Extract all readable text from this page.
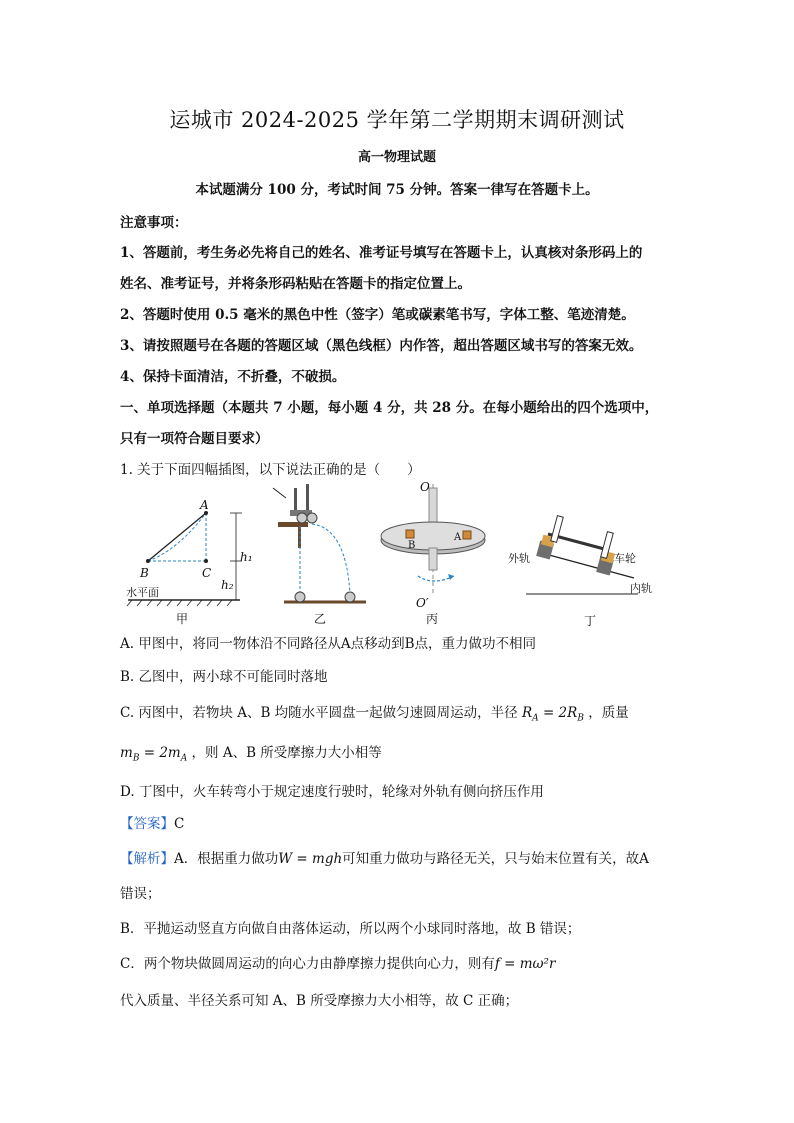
运城市 2024-2025 学年第二学期期末调研测试
高一物理试题
本试题满分 100 分，考试时间 75 分钟。答案一律写在答题卡上。
注意事项：
1、答题前，考生务必先将自己的姓名、准考证号填写在答题卡上，认真核对条形码上的
姓名、准考证号，并将条形码粘贴在答题卡的指定位置上。
2、答题时使用 0.5 毫米的黑色中性（签字）笔或碳素笔书写，字体工整、笔迹清楚。
3、请按照题号在各题的答题区域（黑色线框）内作答，超出答题区域书写的答案无效。
4、保持卡面清洁，不折叠，不破损。
一、单项选择题（本题共 7 小题，每小题 4 分，共 28 分。在每小题给出的四个选项中，
只有一项符合题目要求）
1. 关于下面四幅插图，以下说法正确的是（　　）
A
B	C
h₁
h₂
水平面
甲	乙
O
B
A
O′
丙
外轨	车轮
内轨
丁
A. 甲图中，将同一物体沿不同路径从A点移动到B点，重力做功不相同
B. 乙图中，两小球不可能同时落地
C. 丙图中，若物块 A、B 均随水平圆盘一起做匀速圆周运动，半径 $R_A = 2R_B$ ，质量
$m_B = 2m_A$ ，则 A、B 所受摩擦力大小相等
D. 丁图中，火车转弯小于规定速度行驶时，轮缘对外轨有侧向挤压作用
【答案】C
【解析】A．根据重力做功W = mgh可知重力做功与路径无关，只与始末位置有关，故A
错误；
B．平抛运动竖直方向做自由落体运动，所以两个小球同时落地，故 B 错误；
C．两个物块做圆周运动的向心力由静摩擦力提供向心力，则有f = mω²r
代入质量、半径关系可知 A、B 所受摩擦力大小相等，故 C 正确；
